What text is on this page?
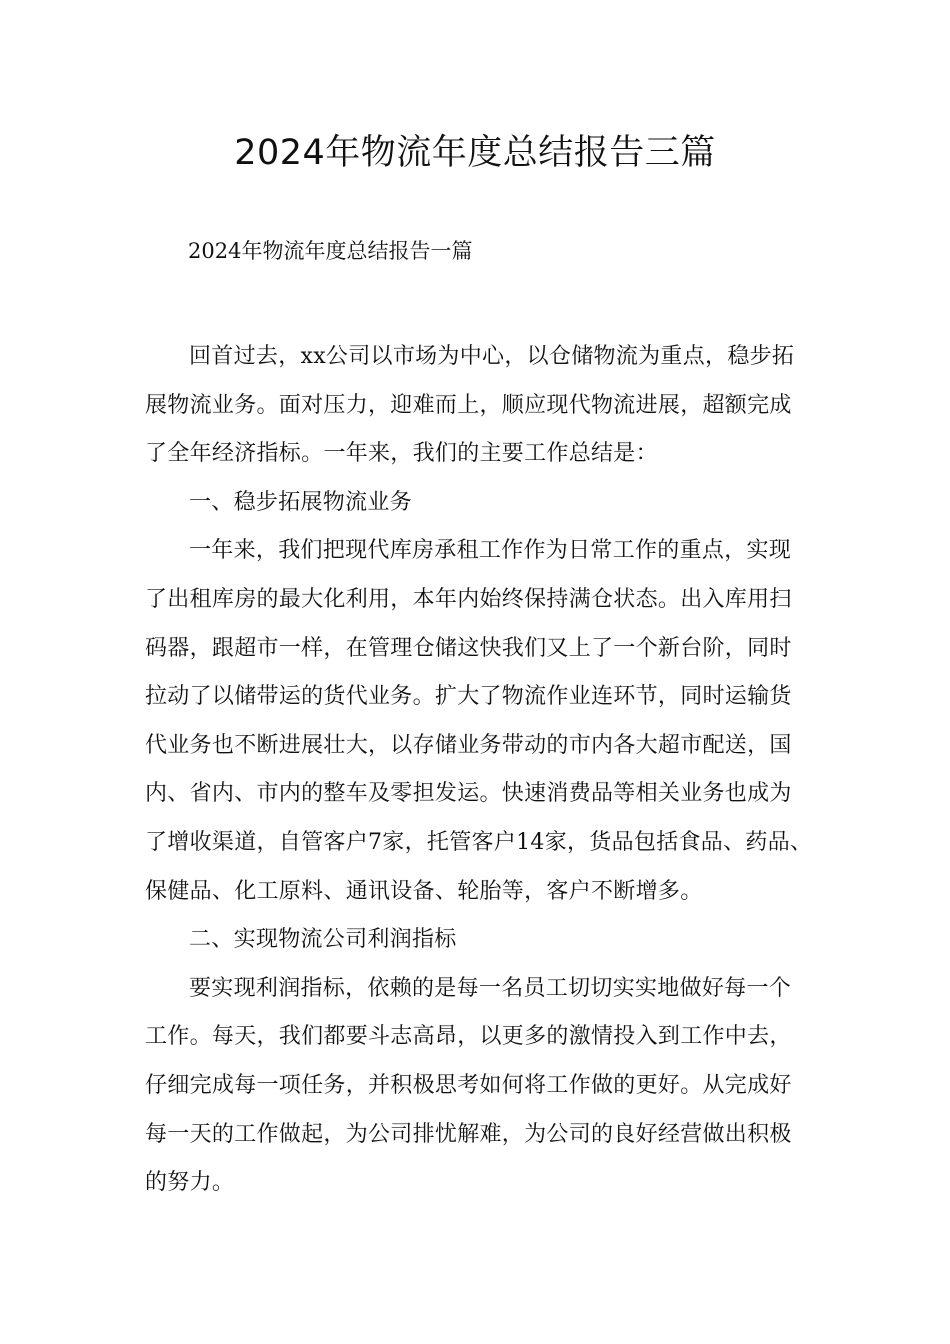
2024年物流年度总结报告三篇

2024年物流年度总结报告一篇

回首过去，xx公司以市场为中心，以仓储物流为重点，稳步拓
展物流业务。面对压力，迎难而上，顺应现代物流进展，超额完成
了全年经济指标。一年来，我们的主要工作总结是：
一、稳步拓展物流业务
一年来，我们把现代库房承租工作作为日常工作的重点，实现
了出租库房的最大化利用，本年内始终保持满仓状态。出入库用扫
码器，跟超市一样，在管理仓储这快我们又上了一个新台阶，同时
拉动了以储带运的货代业务。扩大了物流作业连环节，同时运输货
代业务也不断进展壮大，以存储业务带动的市内各大超市配送，国
内、省内、市内的整车及零担发运。快速消费品等相关业务也成为
了增收渠道，自管客户7家，托管客户14家，货品包括食品、药品、
保健品、化工原料、通讯设备、轮胎等，客户不断增多。
二、实现物流公司利润指标
要实现利润指标，依赖的是每一名员工切切实实地做好每一个
工作。每天，我们都要斗志高昂，以更多的激情投入到工作中去，
仔细完成每一项任务，并积极思考如何将工作做的更好。从完成好
每一天的工作做起，为公司排忧解难，为公司的良好经营做出积极
的努力。
